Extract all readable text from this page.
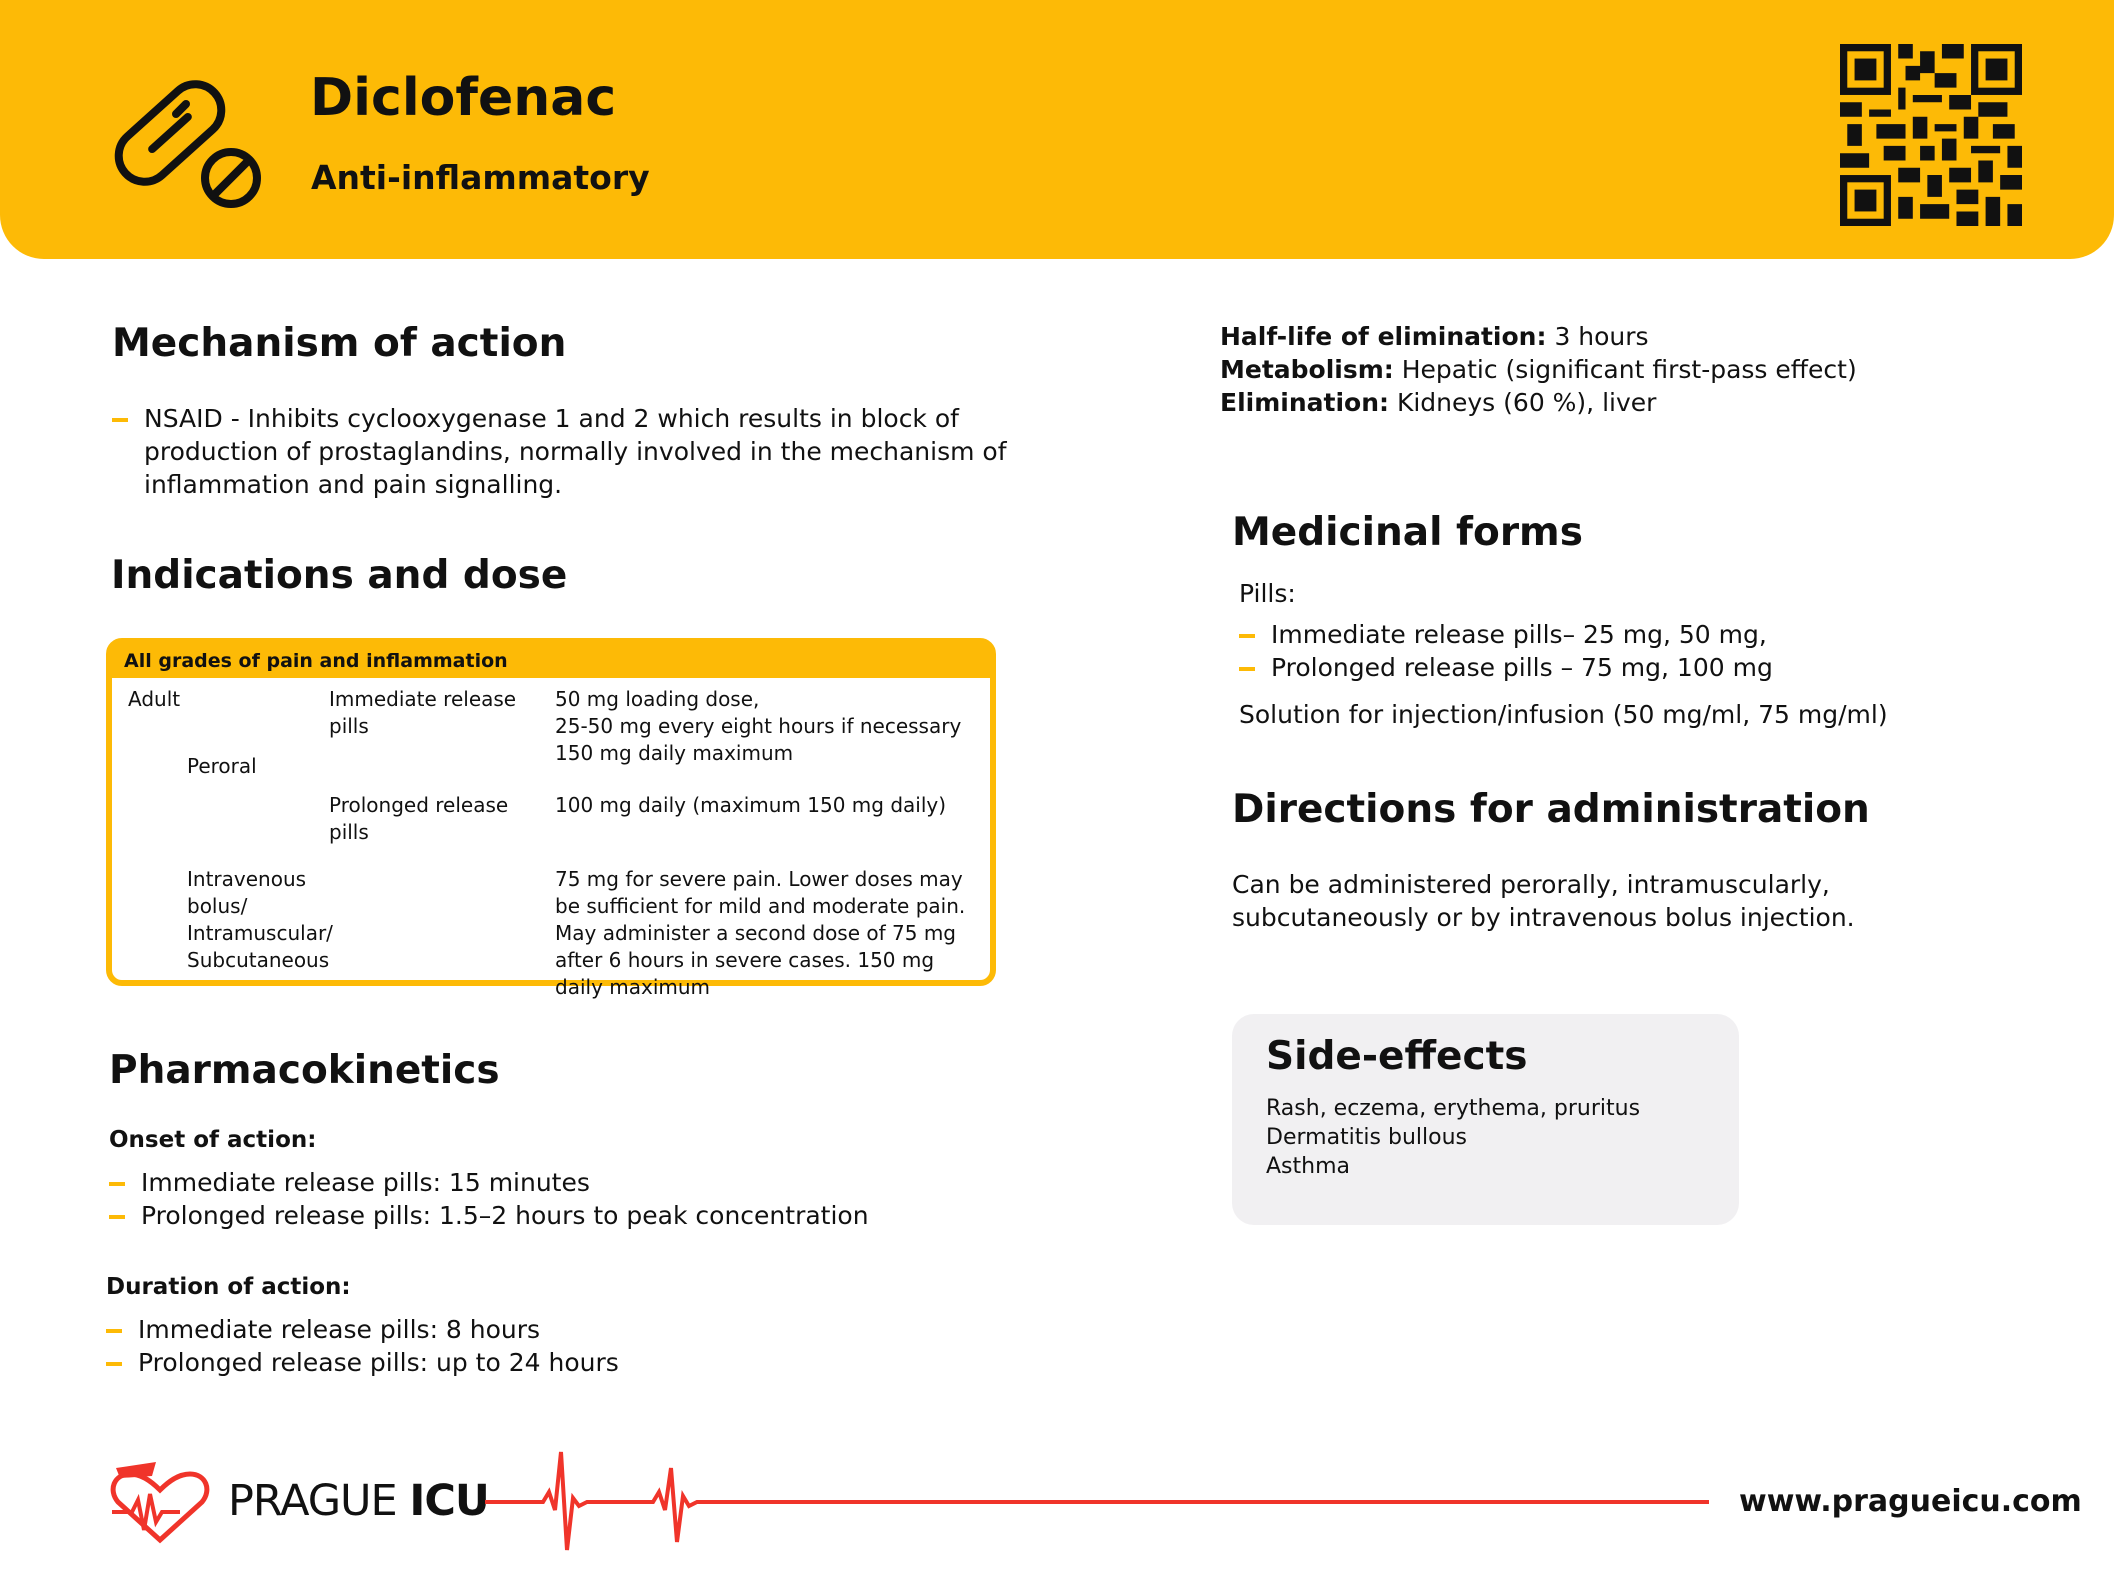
Diclofenac
Anti-inflammatory
Mechanism of action
NSAID - Inhibits cyclooxygenase 1 and 2 which results in block of production of prostaglandins, normally involved in the mechanism of inflammation and pain signalling.
Indications and dose
All grades of pain and inflammation
Adult
Peroral
Immediate release pills
50 mg loading dose,
25-50 mg every eight hours if necessary
150 mg daily maximum
Prolonged release pills
100 mg daily (maximum 150 mg daily)
Intravenous bolus/ Intramuscular/ Subcutaneous
75 mg for severe pain. Lower doses may be sufficient for mild and moderate pain. May administer a second dose of 75 mg after 6 hours in severe cases. 150 mg daily maximum
Pharmacokinetics
Onset of action:
Immediate release pills: 15 minutes
Prolonged release pills: 1.5–2 hours to peak concentration
Duration of action:
Immediate release pills: 8 hours
Prolonged release pills: up to 24 hours
Half-life of elimination: 3 hours
Metabolism: Hepatic (significant first-pass effect)
Elimination: Kidneys (60 %), liver
Medicinal forms
Pills:
Immediate release pills– 25 mg, 50 mg,
Prolonged release pills – 75 mg, 100 mg
Solution for injection/infusion (50 mg/ml, 75 mg/ml)
Directions for administration
Can be administered perorally, intramuscularly, subcutaneously or by intravenous bolus injection.
Side-effects
Rash, eczema, erythema, pruritus
Dermatitis bullous
Asthma
PRAGUE ICU	www.pragueicu.com
